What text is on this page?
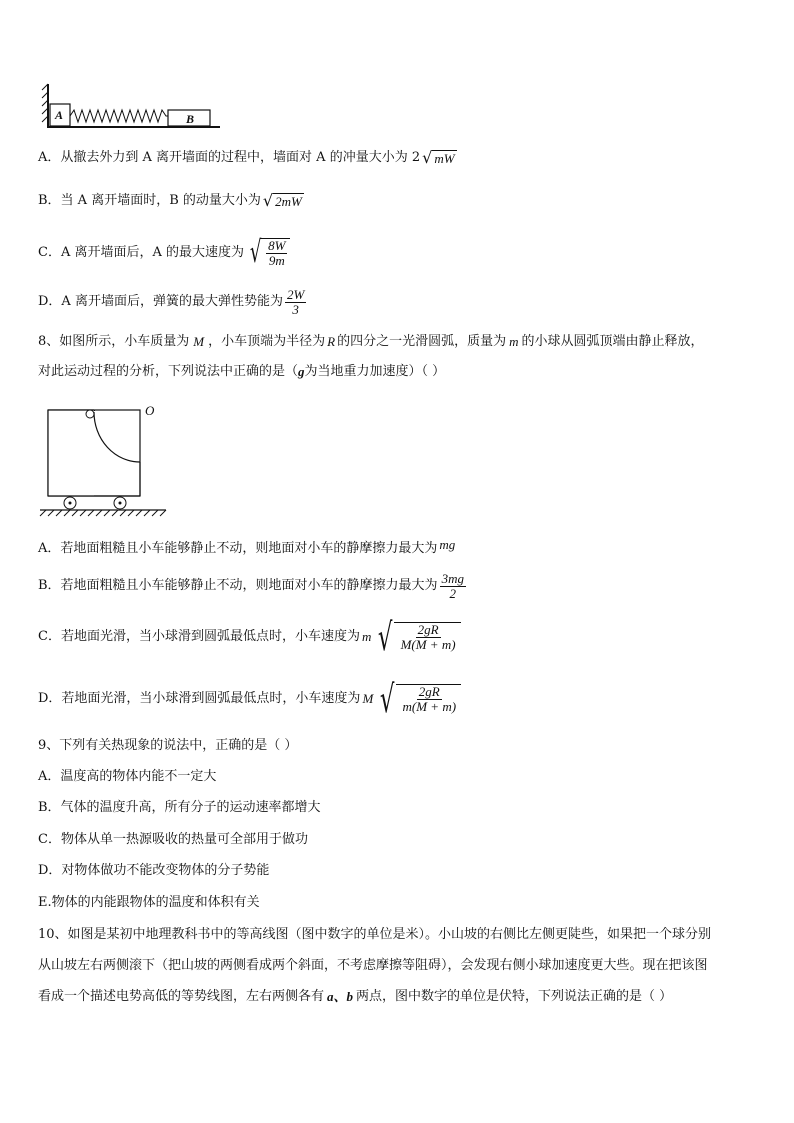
A	B
A．从撤去外力到 A 离开墙面的过程中，墙面对 A 的冲量大小为 2 √ mW
B．当 A 离开墙面时，B 的动量大小为 √ 2mW
C．A 离开墙面后，A 的最大速度为 √ $\frac{8W}{9m}$
D．A 离开墙面后，弹簧的最大弹性势能为 $\frac{2W}{3}$
8、如图所示，小车质量为 M ，小车顶端为半径为 R 的四分之一光滑圆弧，质量为 m 的小球从圆弧顶端由静止释放，
对此运动过程的分析，下列说法中正确的是（ g 为当地重力加速度）（ ）
O
A．若地面粗糙且小车能够静止不动，则地面对小车的静摩擦力最大为 mg
B．若地面粗糙且小车能够静止不动，则地面对小车的静摩擦力最大为 $\frac{3mg}{2}$
C．若地面光滑，当小球滑到圆弧最低点时，小车速度为 m √ $\frac{2gR}{M(M + m)}$
D．若地面光滑，当小球滑到圆弧最低点时，小车速度为 M √ $\frac{2gR}{m(M + m)}$
9、下列有关热现象的说法中，正确的是（ ）
A．温度高的物体内能不一定大
B．气体的温度升高，所有分子的运动速率都增大
C．物体从单一热源吸收的热量可全部用于做功
D．对物体做功不能改变物体的分子势能
E.物体的内能跟物体的温度和体积有关
10、如图是某初中地理教科书中的等高线图（图中数字的单位是米）。小山坡的右侧比左侧更陡些，如果把一个球分别
从山坡左右两侧滚下（把山坡的两侧看成两个斜面，不考虑摩擦等阻碍），会发现右侧小球加速度更大些。现在把该图
看成一个描述电势高低的等势线图，左右两侧各有 a、b 两点，图中数字的单位是伏特，下列说法正确的是（ ）
